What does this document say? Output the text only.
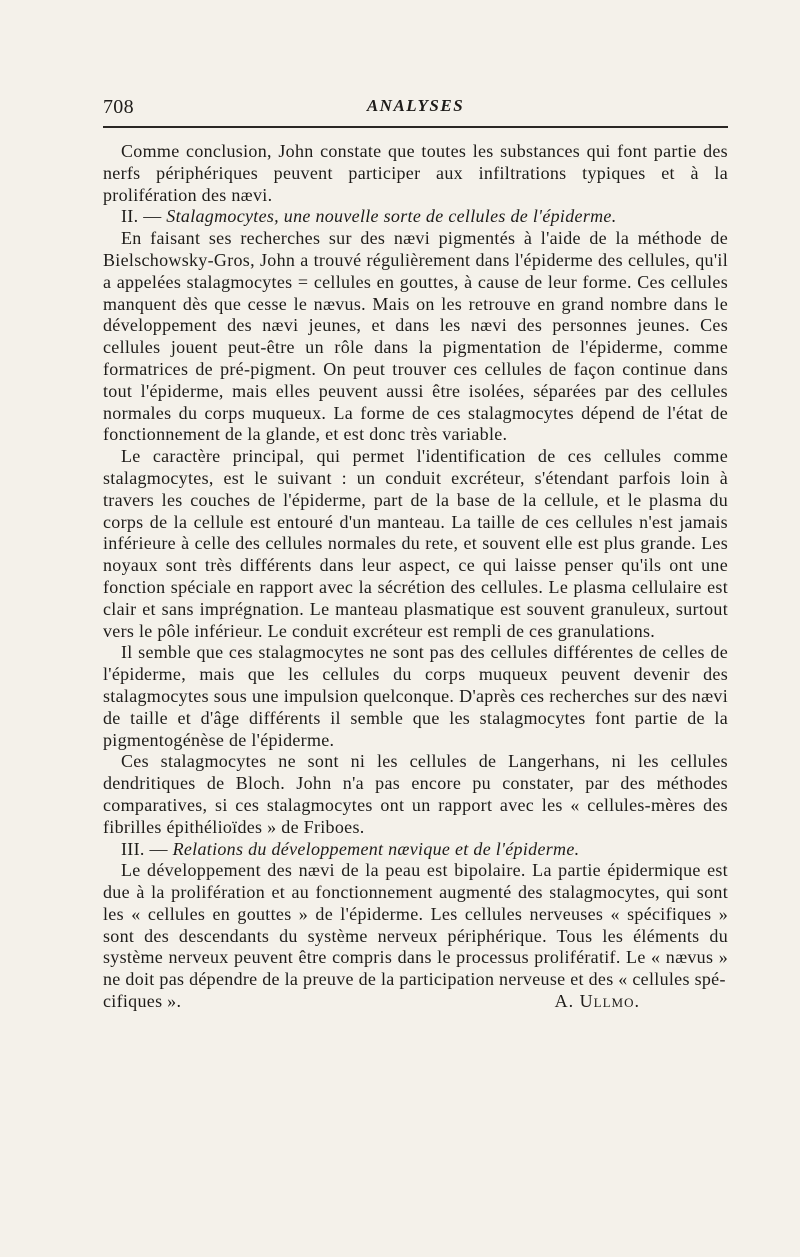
708	ANALYSES

Comme conclusion, John constate que toutes les substances qui font partie des nerfs périphériques peuvent participer aux infiltrations typiques et à la prolifération des nævi.

II. — Stalagmocytes, une nouvelle sorte de cellules de l'épiderme.

En faisant ses recherches sur des nævi pigmentés à l'aide de la méthode de Bielschowsky-Gros, John a trouvé régulièrement dans l'épiderme des cellules, qu'il a appelées stalagmocytes = cellules en gouttes, à cause de leur forme. Ces cellules manquent dès que cesse le nævus. Mais on les retrouve en grand nombre dans le développement des nævi jeunes, et dans les nævi des personnes jeunes. Ces cellules jouent peut-être un rôle dans la pigmentation de l'épiderme, comme formatrices de pré-pigment. On peut trouver ces cellules de façon continue dans tout l'épiderme, mais elles peuvent aussi être isolées, séparées par des cellules normales du corps muqueux. La forme de ces stalagmocytes dépend de l'état de fonctionnement de la glande, et est donc très variable.

Le caractère principal, qui permet l'identification de ces cellules comme stalagmocytes, est le suivant : un conduit excréteur, s'étendant parfois loin à travers les couches de l'épiderme, part de la base de la cellule, et le plasma du corps de la cellule est entouré d'un manteau. La taille de ces cellules n'est jamais inférieure à celle des cellules normales du rete, et souvent elle est plus grande. Les noyaux sont très différents dans leur aspect, ce qui laisse penser qu'ils ont une fonction spéciale en rapport avec la sécrétion des cellules. Le plasma cellulaire est clair et sans imprégnation. Le manteau plasmatique est souvent granuleux, surtout vers le pôle inférieur. Le conduit excréteur est rempli de ces granulations.

Il semble que ces stalagmocytes ne sont pas des cellules différentes de celles de l'épiderme, mais que les cellules du corps muqueux peuvent devenir des stalagmocytes sous une impulsion quelconque. D'après ces recherches sur des nævi de taille et d'âge différents il semble que les stalagmocytes font partie de la pigmentogénèse de l'épiderme.

Ces stalagmocytes ne sont ni les cellules de Langerhans, ni les cellules dendritiques de Bloch. John n'a pas encore pu constater, par des méthodes comparatives, si ces stalagmocytes ont un rapport avec les « cellules-mères des fibrilles épithélioïdes » de Friboes.

III. — Relations du développement nævique et de l'épiderme.

Le développement des nævi de la peau est bipolaire. La partie épidermique est due à la prolifération et au fonctionnement augmenté des stalagmocytes, qui sont les « cellules en gouttes » de l'épiderme. Les cellules nerveuses « spécifiques » sont des descendants du système nerveux périphérique. Tous les éléments du système nerveux peuvent être compris dans le processus prolifératif. Le « nævus » ne doit pas dépendre de la preuve de la participation nerveuse et des « cellules spé-

cifiques ».	A. Ullmo.
